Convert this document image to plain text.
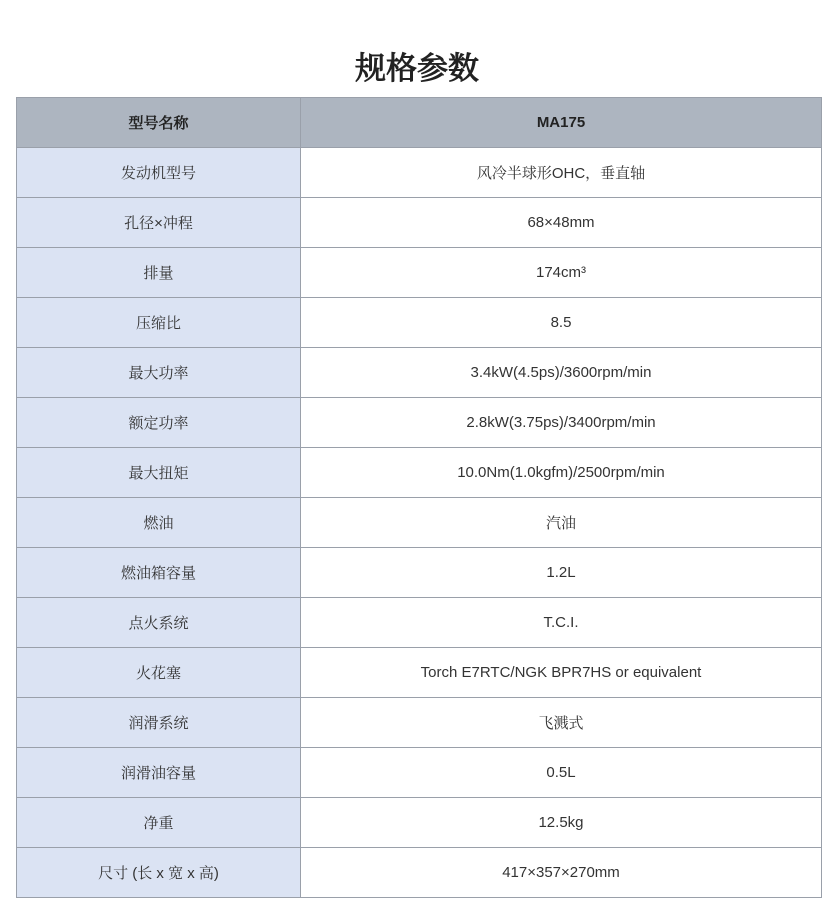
规格参数
型号名称	MA175
发动机型号	风冷半球形OHC，垂直轴
孔径×冲程	68×48mm
排量	174cm³
压缩比	8.5
最大功率	3.4kW(4.5ps)/3600rpm/min
额定功率	2.8kW(3.75ps)/3400rpm/min
最大扭矩	10.0Nm(1.0kgfm)/2500rpm/min
燃油	汽油
燃油箱容量	1.2L
点火系统	T.C.I.
火花塞	Torch E7RTC/NGK BPR7HS or equivalent
润滑系统	飞溅式
润滑油容量	0.5L
净重	12.5kg
尺寸 (长 x 宽 x 高)	417×357×270mm
